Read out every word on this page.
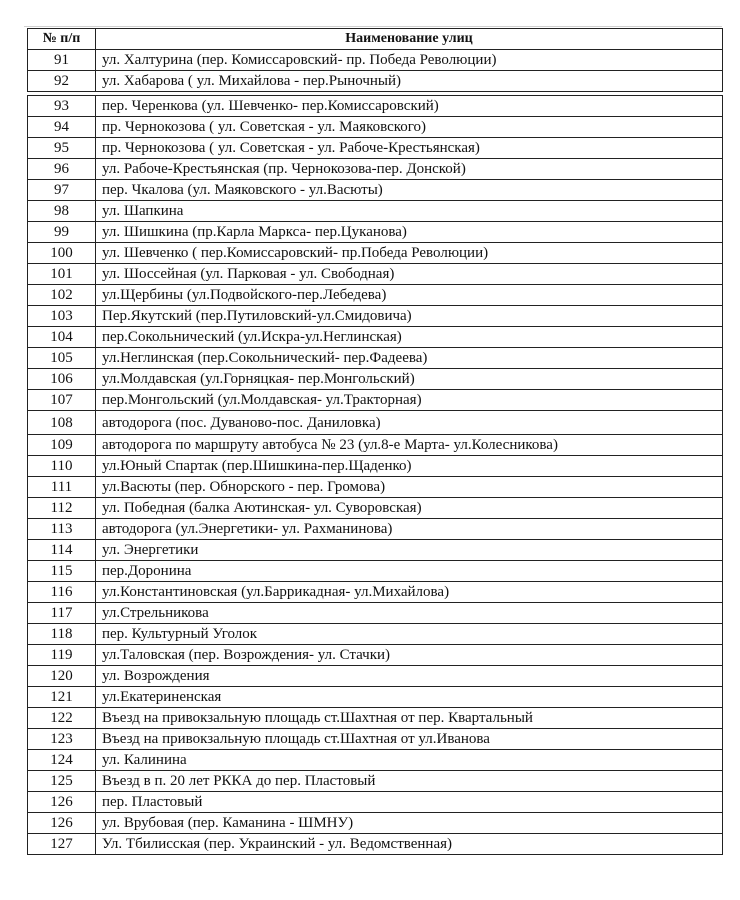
№ п/п	Наименование улиц
91	ул. Халтурина (пер. Комиссаровский- пр. Победа Революции)
92	ул. Хабарова ( ул. Михайлова - пер.Рыночный)
93	пер. Черенкова (ул. Шевченко- пер.Комиссаровский)
94	пр. Чернокозова ( ул. Советская - ул. Маяковского)
95	пр. Чернокозова ( ул. Советская - ул. Рабоче-Крестьянская)
96	ул. Рабоче-Крестьянская (пр. Чернокозова-пер. Донской)
97	пер. Чкалова (ул. Маяковского - ул.Васюты)
98	ул. Шапкина
99	ул. Шишкина (пр.Карла Маркса- пер.Цуканова)
100	ул. Шевченко ( пер.Комиссаровский- пр.Победа Революции)
101	ул. Шоссейная (ул. Парковая - ул. Свободная)
102	ул.Щербины (ул.Подвойского-пер.Лебедева)
103	Пер.Якутский (пер.Путиловский-ул.Смидовича)
104	пер.Сокольнический (ул.Искра-ул.Неглинская)
105	ул.Неглинская (пер.Сокольнический- пер.Фадеева)
106	ул.Молдавская (ул.Горняцкая- пер.Монгольский)
107	пер.Монгольский (ул.Молдавская- ул.Тракторная)
108	автодорога (пос. Дуваново-пос. Даниловка)
109	автодорога по маршруту автобуса № 23 (ул.8-е Марта- ул.Колесникова)
110	ул.Юный Спартак (пер.Шишкина-пер.Щаденко)
111	ул.Васюты (пер. Обнорского - пер. Громова)
112	ул. Победная (балка Аютинская- ул. Суворовская)
113	автодорога (ул.Энергетики- ул. Рахманинова)
114	ул. Энергетики
115	пер.Доронина
116	ул.Константиновская (ул.Баррикадная- ул.Михайлова)
117	ул.Стрельникова
118	пер. Культурный Уголок
119	ул.Таловская (пер. Возрождения- ул. Стачки)
120	ул. Возрождения
121	ул.Екатериненская
122	Въезд на привокзальную площадь ст.Шахтная от пер. Квартальный
123	Въезд на привокзальную площадь ст.Шахтная от ул.Иванова
124	ул. Калинина
125	Въезд в п. 20 лет РККА до пер. Пластовый
126	пер. Пластовый
126	ул. Врубовая (пер. Каманина - ШМНУ)
127	Ул. Тбилисская (пер. Украинский - ул. Ведомственная)
